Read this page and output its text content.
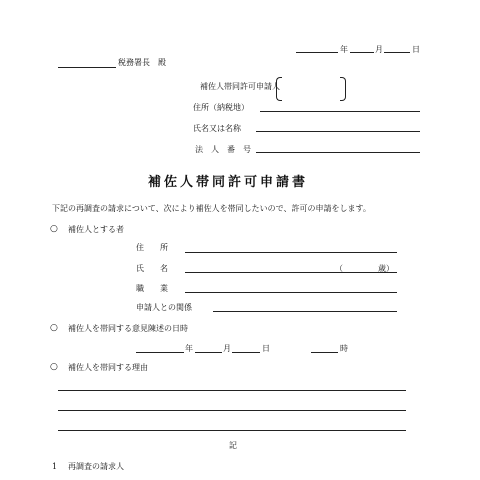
年	月	日
税務署長　殿
補佐人帯同許可申請人
住所（納税地）
氏名又は名称
法　人　番　号
補佐人帯同許可申請書
下記の再調査の請求について、次により補佐人を帯同したいので、許可の申請をします。
○ 補佐人とする者
住　　所
氏　　名	（	歳）
職　　業
申請人との関係
○ 補佐人を帯同する意見陳述の日時
年	月	日	時
○ 補佐人を帯同する理由
記
1 再調査の請求人
